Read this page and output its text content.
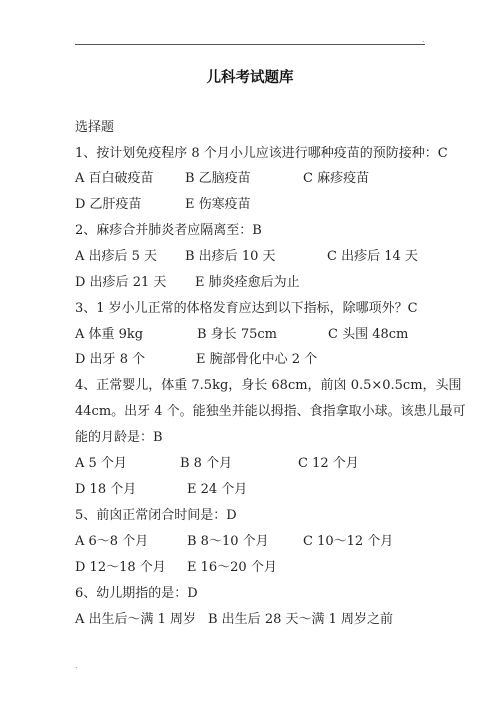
.
.
儿科考试题库
选择题
1、按计划免疫程序 8 个月小儿应该进行哪种疫苗的预防接种：C
A 百白破疫苗 B 乙脑疫苗	C 麻疹疫苗
D 乙肝疫苗	E 伤寒疫苗
2、麻疹合并肺炎者应隔离至：B
A 出疹后 5 天 B 出疹后 10 天	C 出疹后 14 天
D 出疹后 21 天 E 肺炎痊愈后为止
3、1 岁小儿正常的体格发育应达到以下指标，除哪项外？C
A 体重 9kg	B 身长 75cm	C 头围 48cm
D 出牙 8 个	E 腕部骨化中心 2 个
4、正常婴儿，体重 7.5kg，身长 68cm，前囟 0.5×0.5cm，头围
44cm。出牙 4 个。能独坐并能以拇指、食指拿取小球。该患儿最可
能的月龄是：B
A 5 个月	B 8 个月	C 12 个月
D 18 个月	E 24 个月
5、前囟正常闭合时间是：D
A 6～8 个月	B 8～10 个月	C 10～12 个月
D 12～18 个月 E 16～20 个月
6、幼儿期指的是：D
A 出生后～满 1 周岁 B 出生后 28 天～满 1 周岁之前
